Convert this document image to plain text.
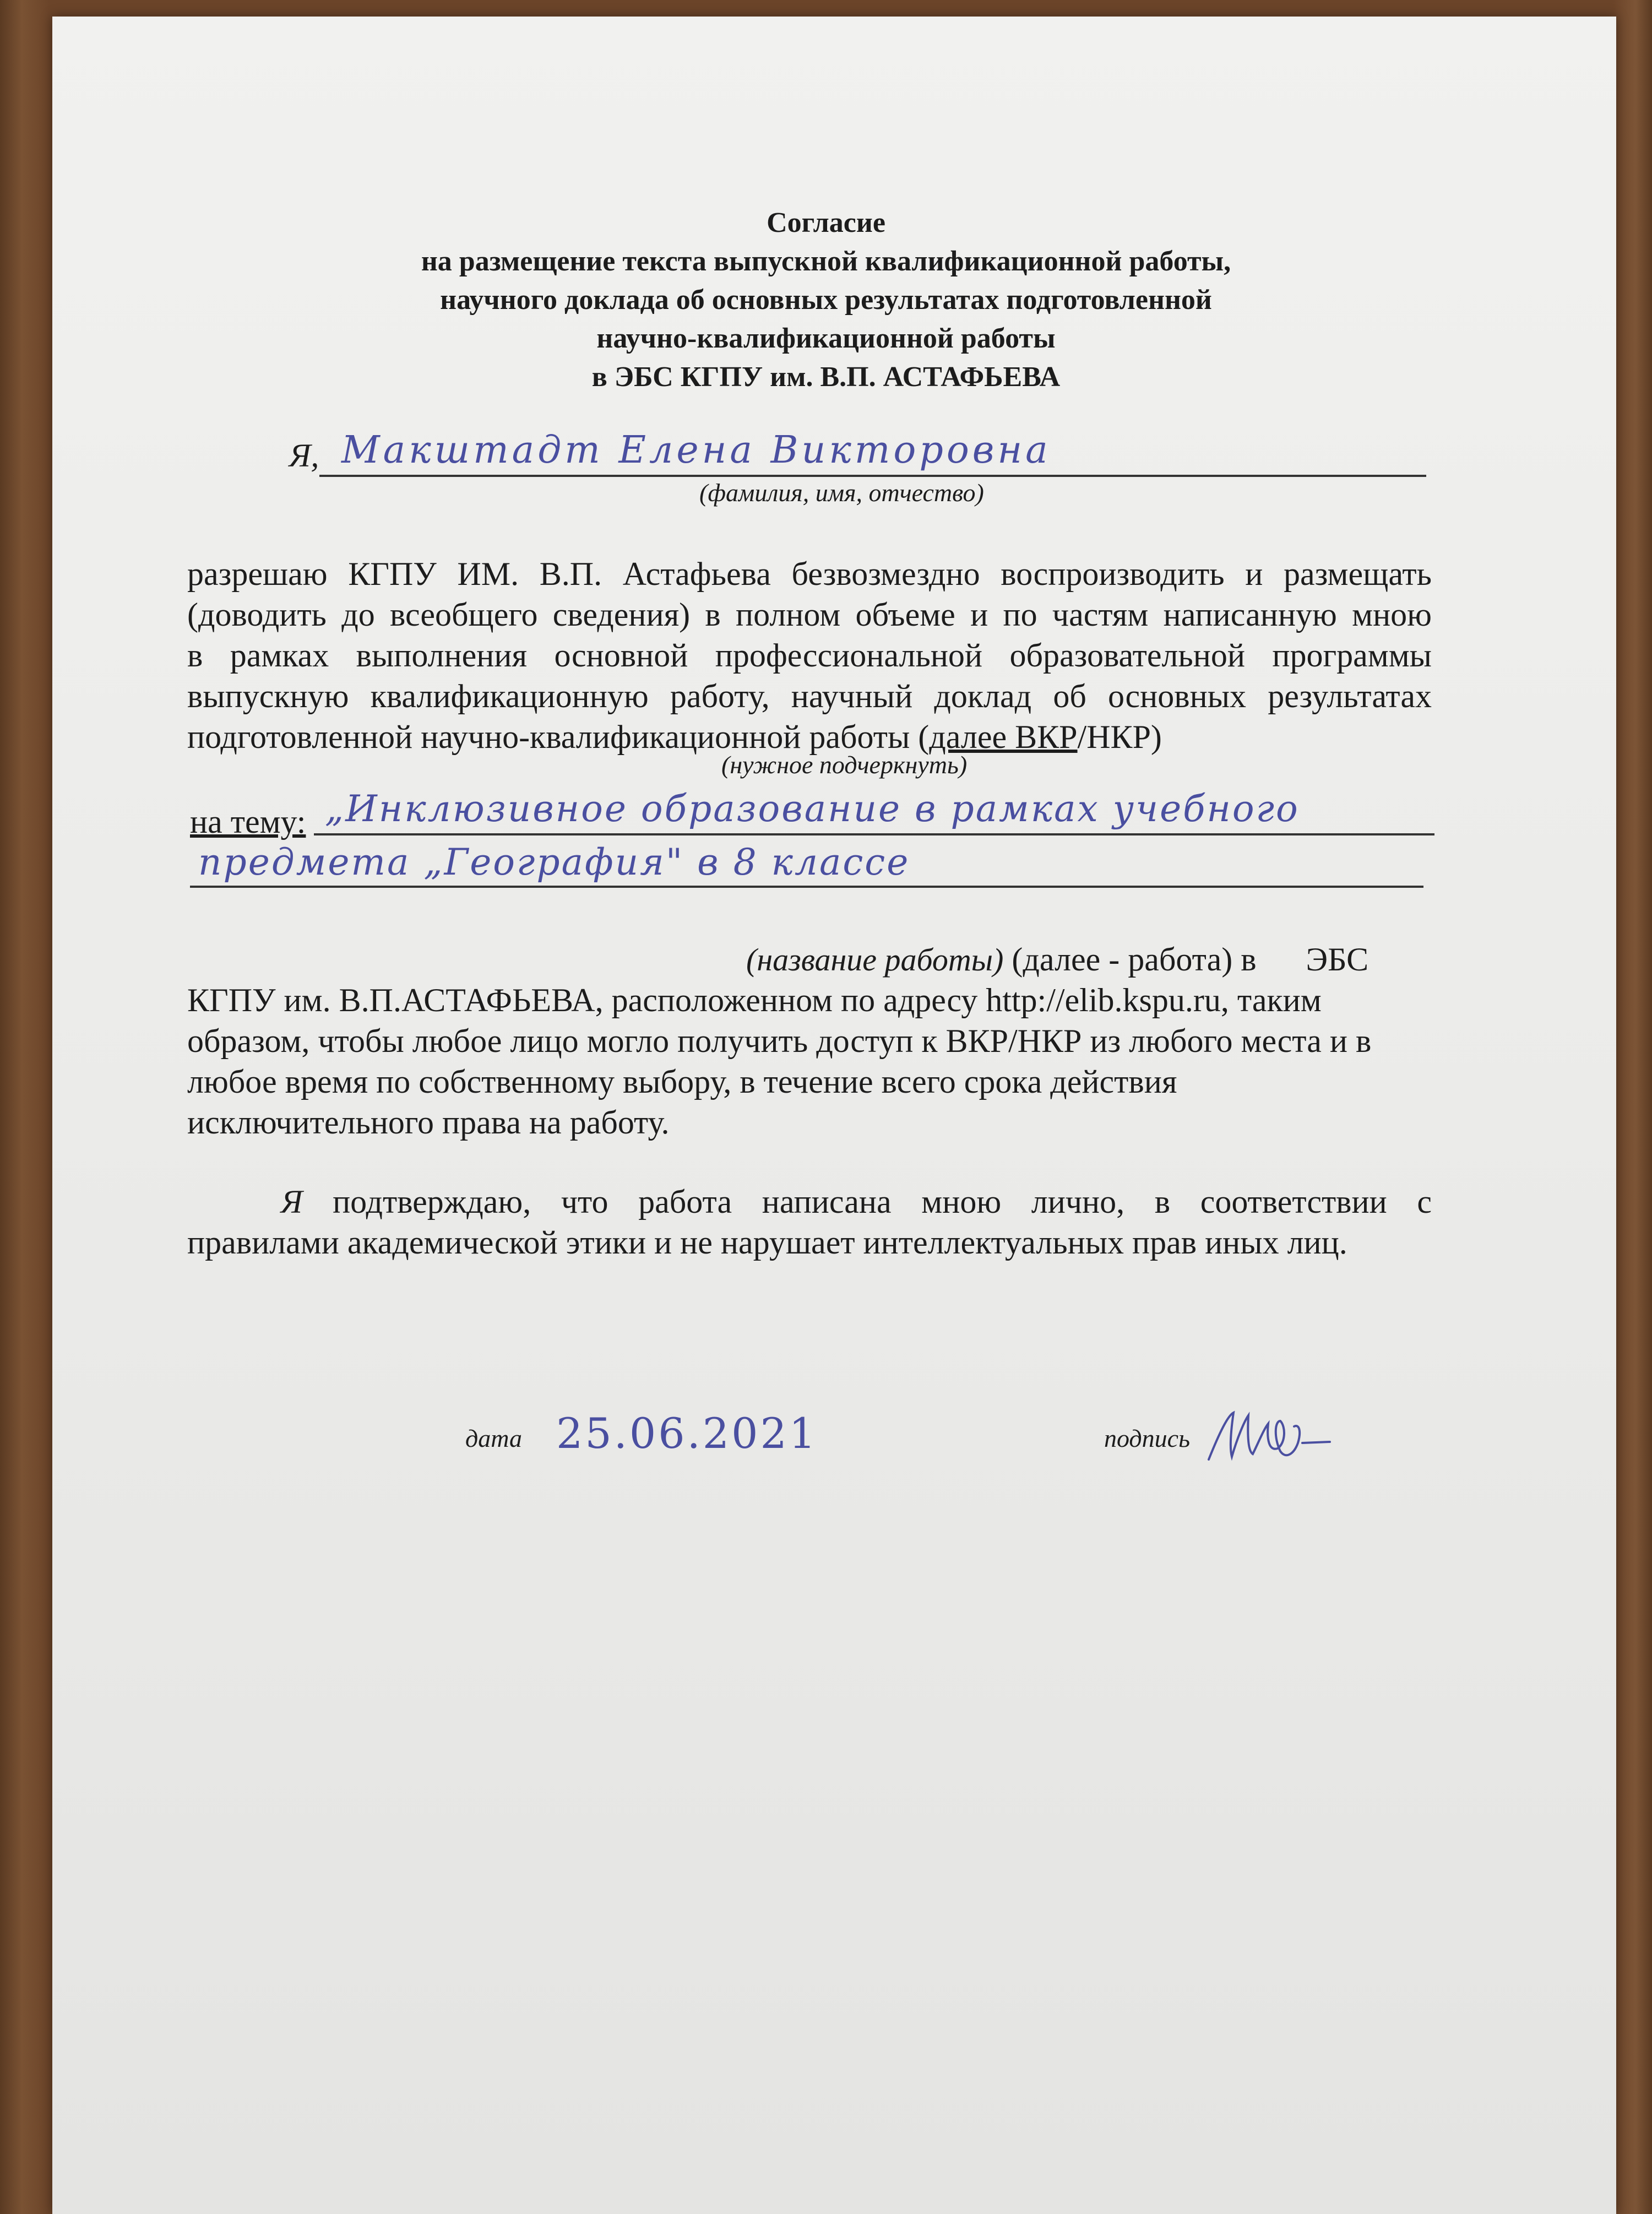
Согласие
на размещение текста выпускной квалификационной работы,
научного доклада об основных результатах подготовленной
научно-квалификационной работы
в ЭБС КГПУ им. В.П. АСТАФЬЕВА
Я, Макштадт Елена Викторовна
(фамилия, имя, отчество)
разрешаю КГПУ ИМ. В.П. Астафьева безвозмездно воспроизводить и размещать
(доводить до всеобщего сведения) в полном объеме и по частям написанную мною
в рамках выполнения основной профессиональной образовательной программы
выпускную квалификационную работу, научный доклад об основных результатах
подготовленной научно-квалификационной работы (далее ВКР/НКР)
(нужное подчеркнуть)
на тему: „Инклюзивное образование в рамках учебного
предмета „География" в 8 классе
(название работы) (далее - работа) в      ЭБС
КГПУ им. В.П.АСТАФЬЕВА, расположенном по адресу http://elib.kspu.ru, таким
образом, чтобы любое лицо могло получить доступ к ВКР/НКР из любого места и в
любое время по собственному выбору, в течение всего срока действия
исключительного права на работу.
Я подтверждаю, что работа написана мною лично, в соответствии с
правилами академической этики и не нарушает интеллектуальных прав иных лиц.
дата 25.06.2021	подпись
